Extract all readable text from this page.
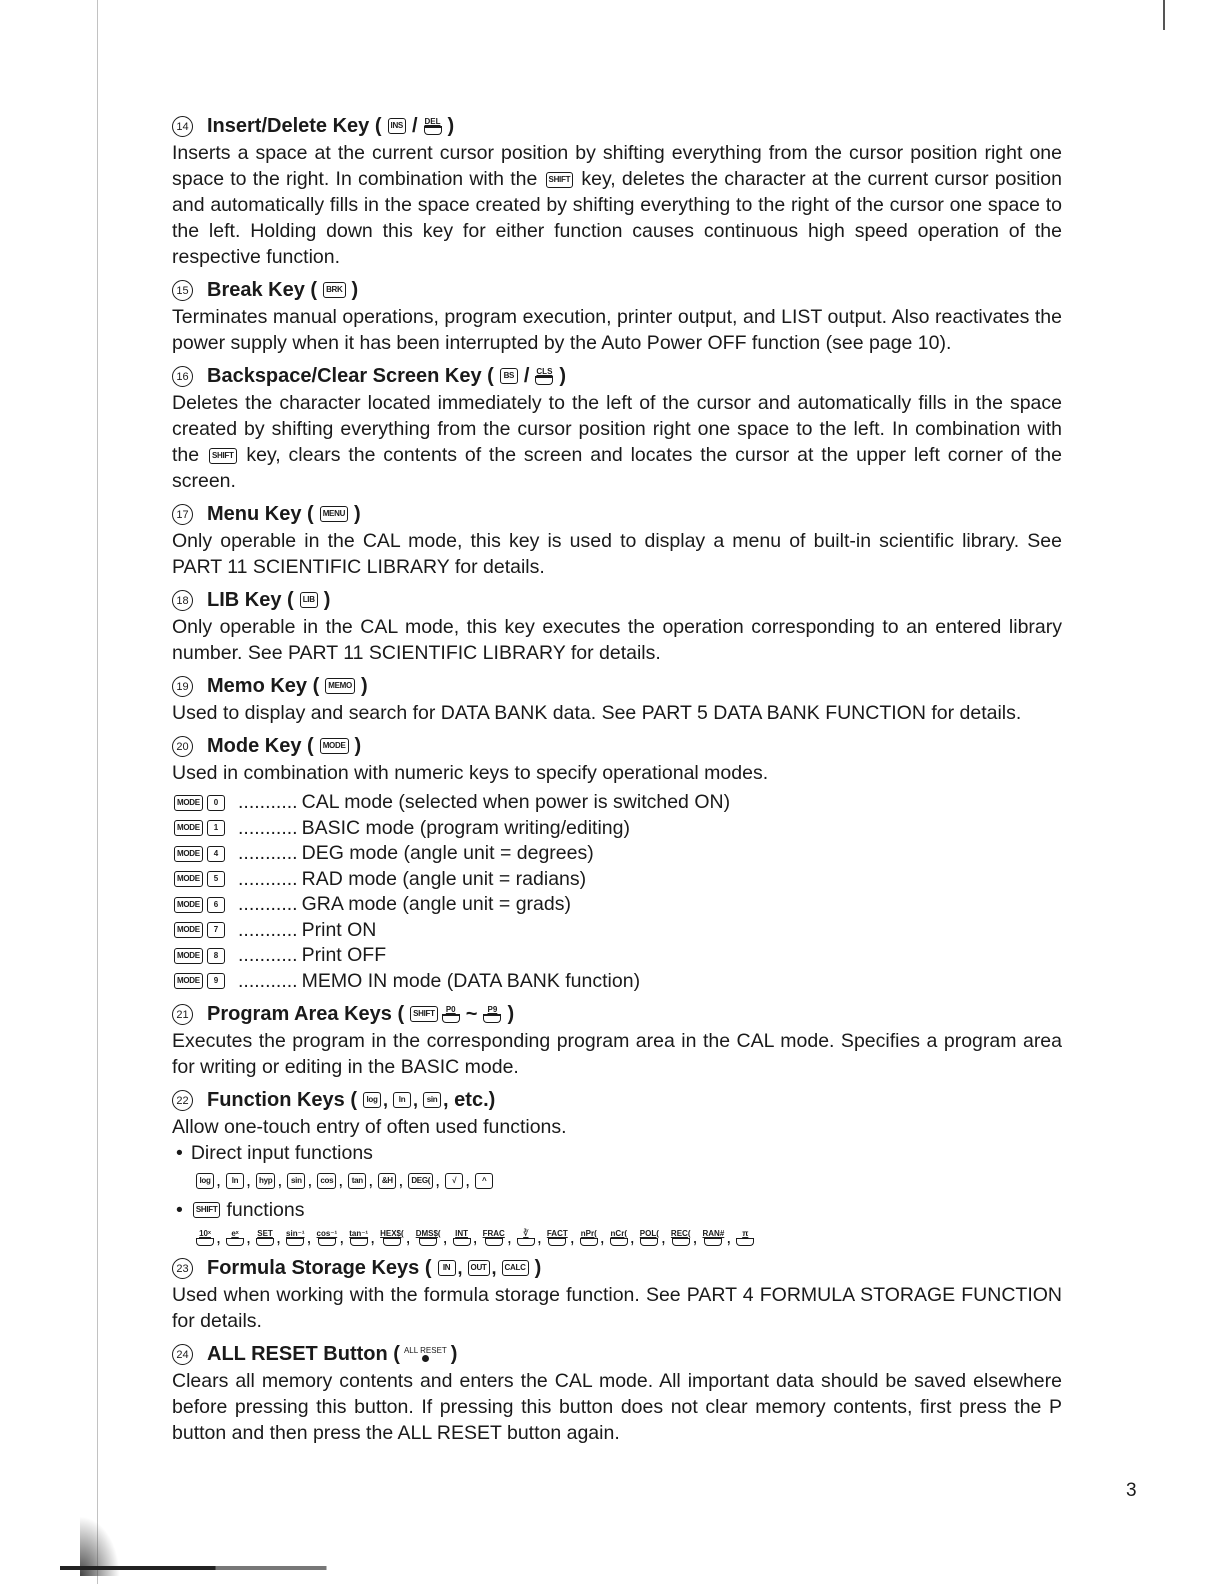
14 Insert/Delete Key (	INS / DEL )
Inserts a space at the current cursor position by shifting everything from the cursor position right one space to the right. In combination with the SHIFT key, deletes the character at the current cursor position and automatically fills in the space created by shifting everything to the right of the cursor one space to the left. Holding down this key for either function causes continuous high speed operation of the respective function.
15 Break Key (	BRK )
Terminates manual operations, program execution, printer output, and LIST output. Also reactivates the power supply when it has been interrupted by the Auto Power OFF function (see page 10).
16 Backspace/Clear Screen Key (	BS / CLS )
Deletes the character located immediately to the left of the cursor and automatically fills in the space created by shifting everything from the cursor position right one space to the left. In combination with the SHIFT key, clears the contents of the screen and locates the cursor at the upper left corner of the screen.
17 Menu Key (	MENU )
Only operable in the CAL mode, this key is used to display a menu of built-in scientific library. See PART 11 SCIENTIFIC LIBRARY for details.
18 LIB Key (	LIB )
Only operable in the CAL mode, this key executes the operation corresponding to an entered library number. See PART 11 SCIENTIFIC LIBRARY for details.
19 Memo Key (	MEMO )
Used to display and search for DATA BANK data. See PART 5 DATA BANK FUNCTION for details.
20 Mode Key (	MODE )
Used in combination with numeric keys to specify operational modes.
MODE	0	........... CAL mode (selected when power is switched ON)
MODE	1	........... BASIC mode (program writing/editing)
MODE	4	........... DEG mode (angle unit = degrees)
MODE	5	........... RAD mode (angle unit = radians)
MODE	6	........... GRA mode (angle unit = grads)
MODE	7	........... Print ON
MODE	8	........... Print OFF
MODE	9	........... MEMO IN mode (DATA BANK function)
21 Program Area Keys (	SHIFT	P0 ~ P9 )
Executes the program in the corresponding program area in the CAL mode. Specifies a program area for writing or editing in the BASIC mode.
22 Function Keys (	log ,	ln ,	sin , etc.)
Allow one-touch entry of often used functions.
• Direct input functions
log ,	ln ,	hyp ,	sin ,	cos ,	tan ,	&H ,	DEG( ,	√ ,	^
•	SHIFT functions
10ˣ , eˣ , SET , sin⁻¹ , cos⁻¹ , tan⁻¹ , HEX$( , DMS$( , INT , FRAC , ∛ , FACT , nPr( , nCr( , POL( , REC( , RAN# , π
23 Formula Storage Keys (	IN ,	OUT ,	CALC )
Used when working with the formula storage function. See PART 4 FORMULA STORAGE FUNCTION for details.
24 ALL RESET Button ( ALL RESET )
Clears all memory contents and enters the CAL mode. All important data should be saved elsewhere before pressing this button. If pressing this button does not clear memory contents, first press the P button and then press the ALL RESET button again.
3
